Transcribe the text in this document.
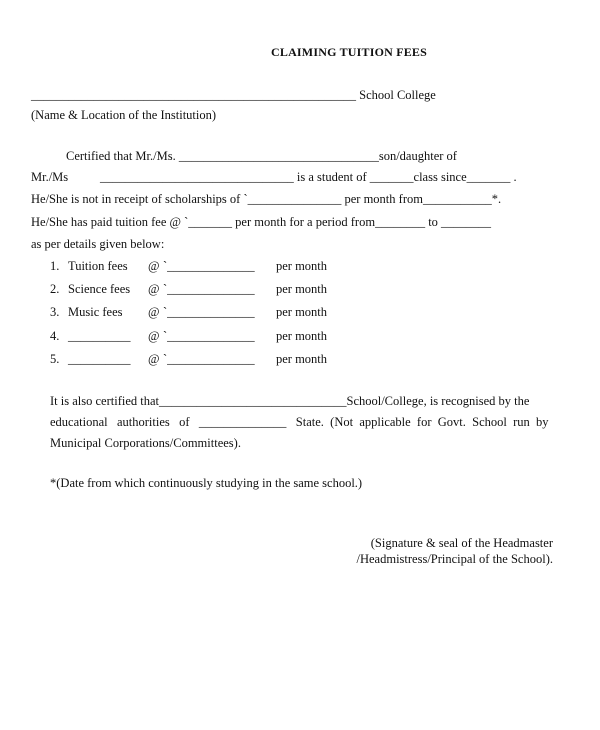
CLAIMING TUITION FEES
____________________________________________________ School College
(Name & Location of the Institution)
Certified that Mr./Ms. ________________________________son/daughter of
Mr./Ms	_______________________________ is a student of _______class since_______ .
He/She is not in receipt of scholarships of `_______________ per month from___________*.
He/She has paid tuition fee @ `_______ per month for a period from________ to ________
as per details given below:
1. Tuition fees @ `______________ per month
2. Science fees @ `______________ per month
3. Music fees @ `______________ per month
4. __________ @ `______________ per month
5. __________ @ `______________ per month
It is also certified that______________________________School/College, is recognised by the
educational   authorities   of   ______________   State.  (Not  applicable  for  Govt.  School  run  by
Municipal Corporations/Committees).
*(Date from which continuously studying in the same school.)
(Signature & seal of the Headmaster
/Headmistress/Principal of the School).
